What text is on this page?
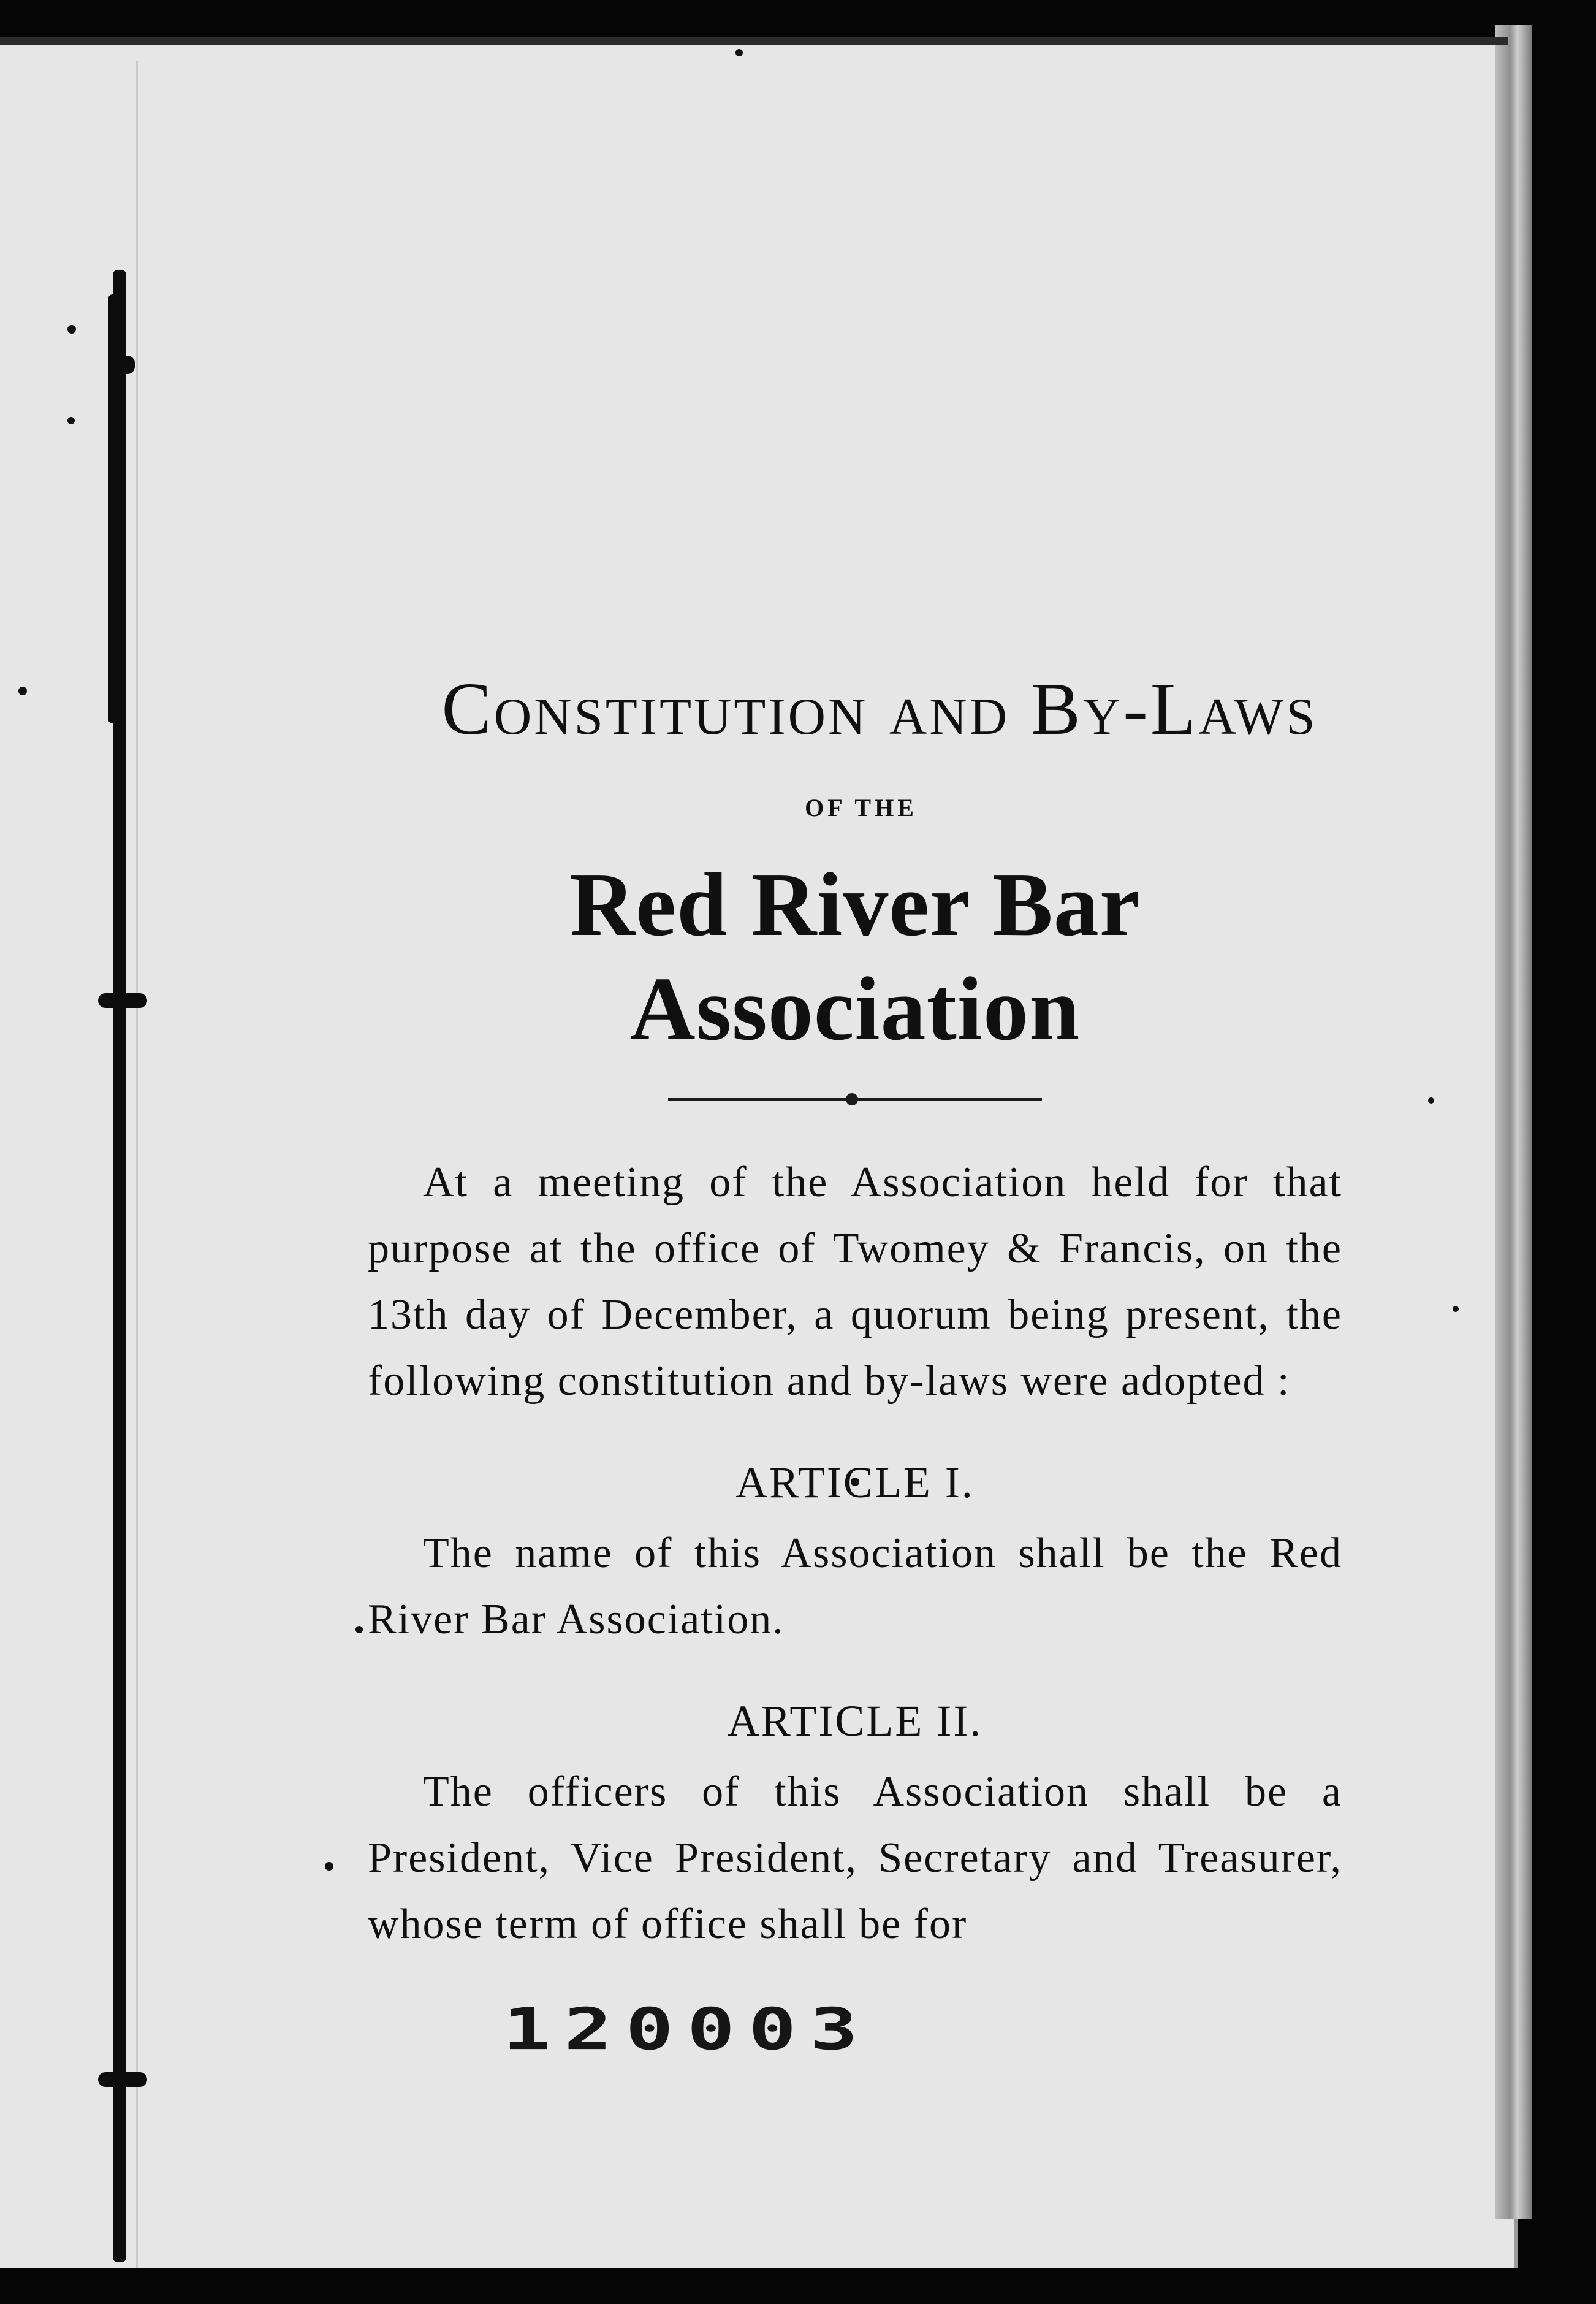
Constitution and By-Laws
OF THE
Red River Bar Association

At a meeting of the Association held for that purpose at the office of Twomey & Francis, on the 13th day of December, a quorum being present, the following constitution and by-laws were adopted :

ARTICLE I.

The name of this Association shall be the Red River Bar Association.

ARTICLE II.

The officers of this Association shall be a President, Vice President, Secretary and Treasurer, whose term of office shall be for

120003
